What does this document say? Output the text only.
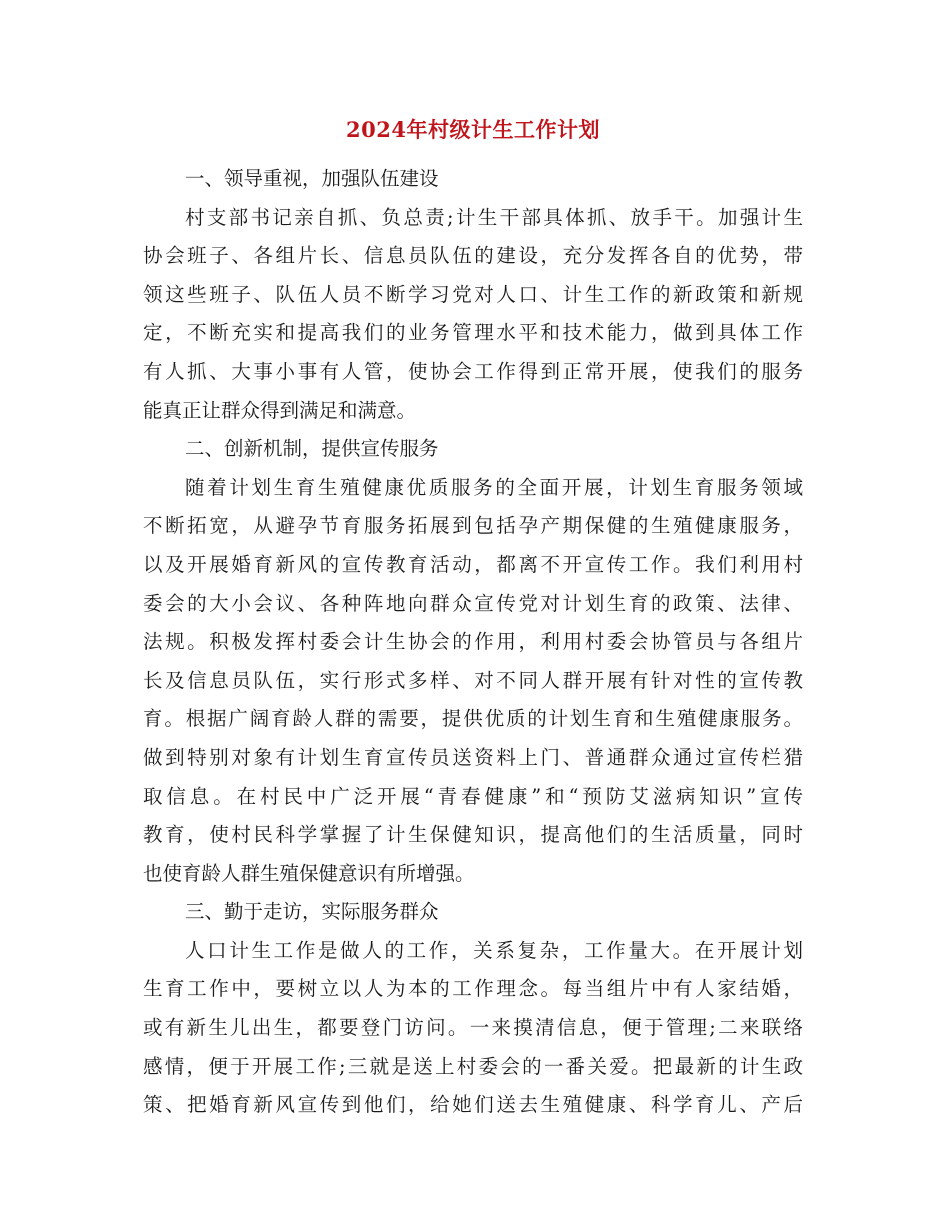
2024年村级计生工作计划

一、领导重视，加强队伍建设

村支部书记亲自抓、负总责;计生干部具体抓、放手干。加强计生

协会班子、各组片长、信息员队伍的建设，充分发挥各自的优势，带

领这些班子、队伍人员不断学习党对人口、计生工作的新政策和新规

定，不断充实和提高我们的业务管理水平和技术能力，做到具体工作

有人抓、大事小事有人管，使协会工作得到正常开展，使我们的服务

能真正让群众得到满足和满意。

二、创新机制，提供宣传服务

随着计划生育生殖健康优质服务的全面开展，计划生育服务领域

不断拓宽，从避孕节育服务拓展到包括孕产期保健的生殖健康服务，

以及开展婚育新风的宣传教育活动，都离不开宣传工作。我们利用村

委会的大小会议、各种阵地向群众宣传党对计划生育的政策、法律、

法规。积极发挥村委会计生协会的作用，利用村委会协管员与各组片

长及信息员队伍，实行形式多样、对不同人群开展有针对性的宣传教

育。根据广阔育龄人群的需要，提供优质的计划生育和生殖健康服务。

做到特别对象有计划生育宣传员送资料上门、普通群众通过宣传栏猎

取信息。在村民中广泛开展“青春健康”和“预防艾滋病知识”宣传

教育，使村民科学掌握了计生保健知识，提高他们的生活质量，同时

也使育龄人群生殖保健意识有所增强。

三、勤于走访，实际服务群众

人口计生工作是做人的工作，关系复杂，工作量大。在开展计划

生育工作中，要树立以人为本的工作理念。每当组片中有人家结婚，

或有新生儿出生，都要登门访问。一来摸清信息，便于管理;二来联络

感情，便于开展工作;三就是送上村委会的一番关爱。把最新的计生政

策、把婚育新风宣传到他们，给她们送去生殖健康、科学育儿、产后
